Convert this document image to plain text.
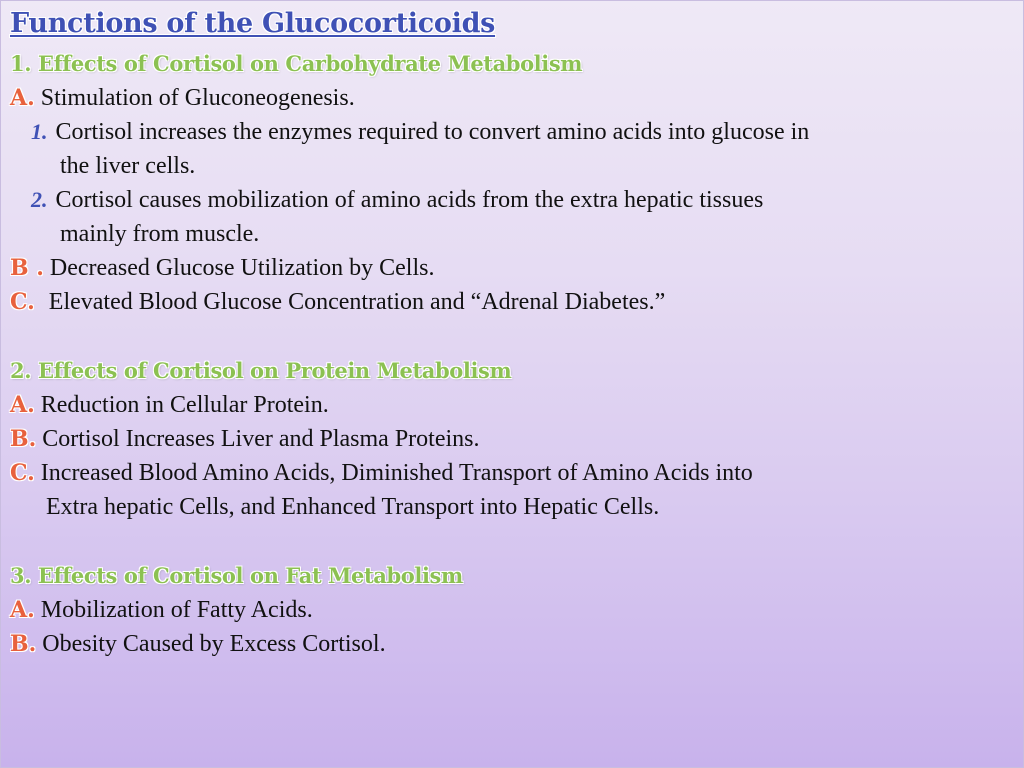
Functions of the Glucocorticoids
1. Effects of Cortisol on Carbohydrate Metabolism
A. Stimulation of Gluconeogenesis.
1. Cortisol increases the enzymes required to convert amino acids into glucose in
the liver cells.
2. Cortisol causes mobilization of amino acids from the extra hepatic tissues
mainly from muscle.
B . Decreased Glucose Utilization by Cells.
C. Elevated Blood Glucose Concentration and “Adrenal Diabetes.”
2. Effects of Cortisol on Protein Metabolism
A. Reduction in Cellular Protein.
B. Cortisol Increases Liver and Plasma Proteins.
C. Increased Blood Amino Acids, Diminished Transport of Amino Acids into
Extra hepatic Cells, and Enhanced Transport into Hepatic Cells.
3. Effects of Cortisol on Fat Metabolism
A. Mobilization of Fatty Acids.
B. Obesity Caused by Excess Cortisol.
